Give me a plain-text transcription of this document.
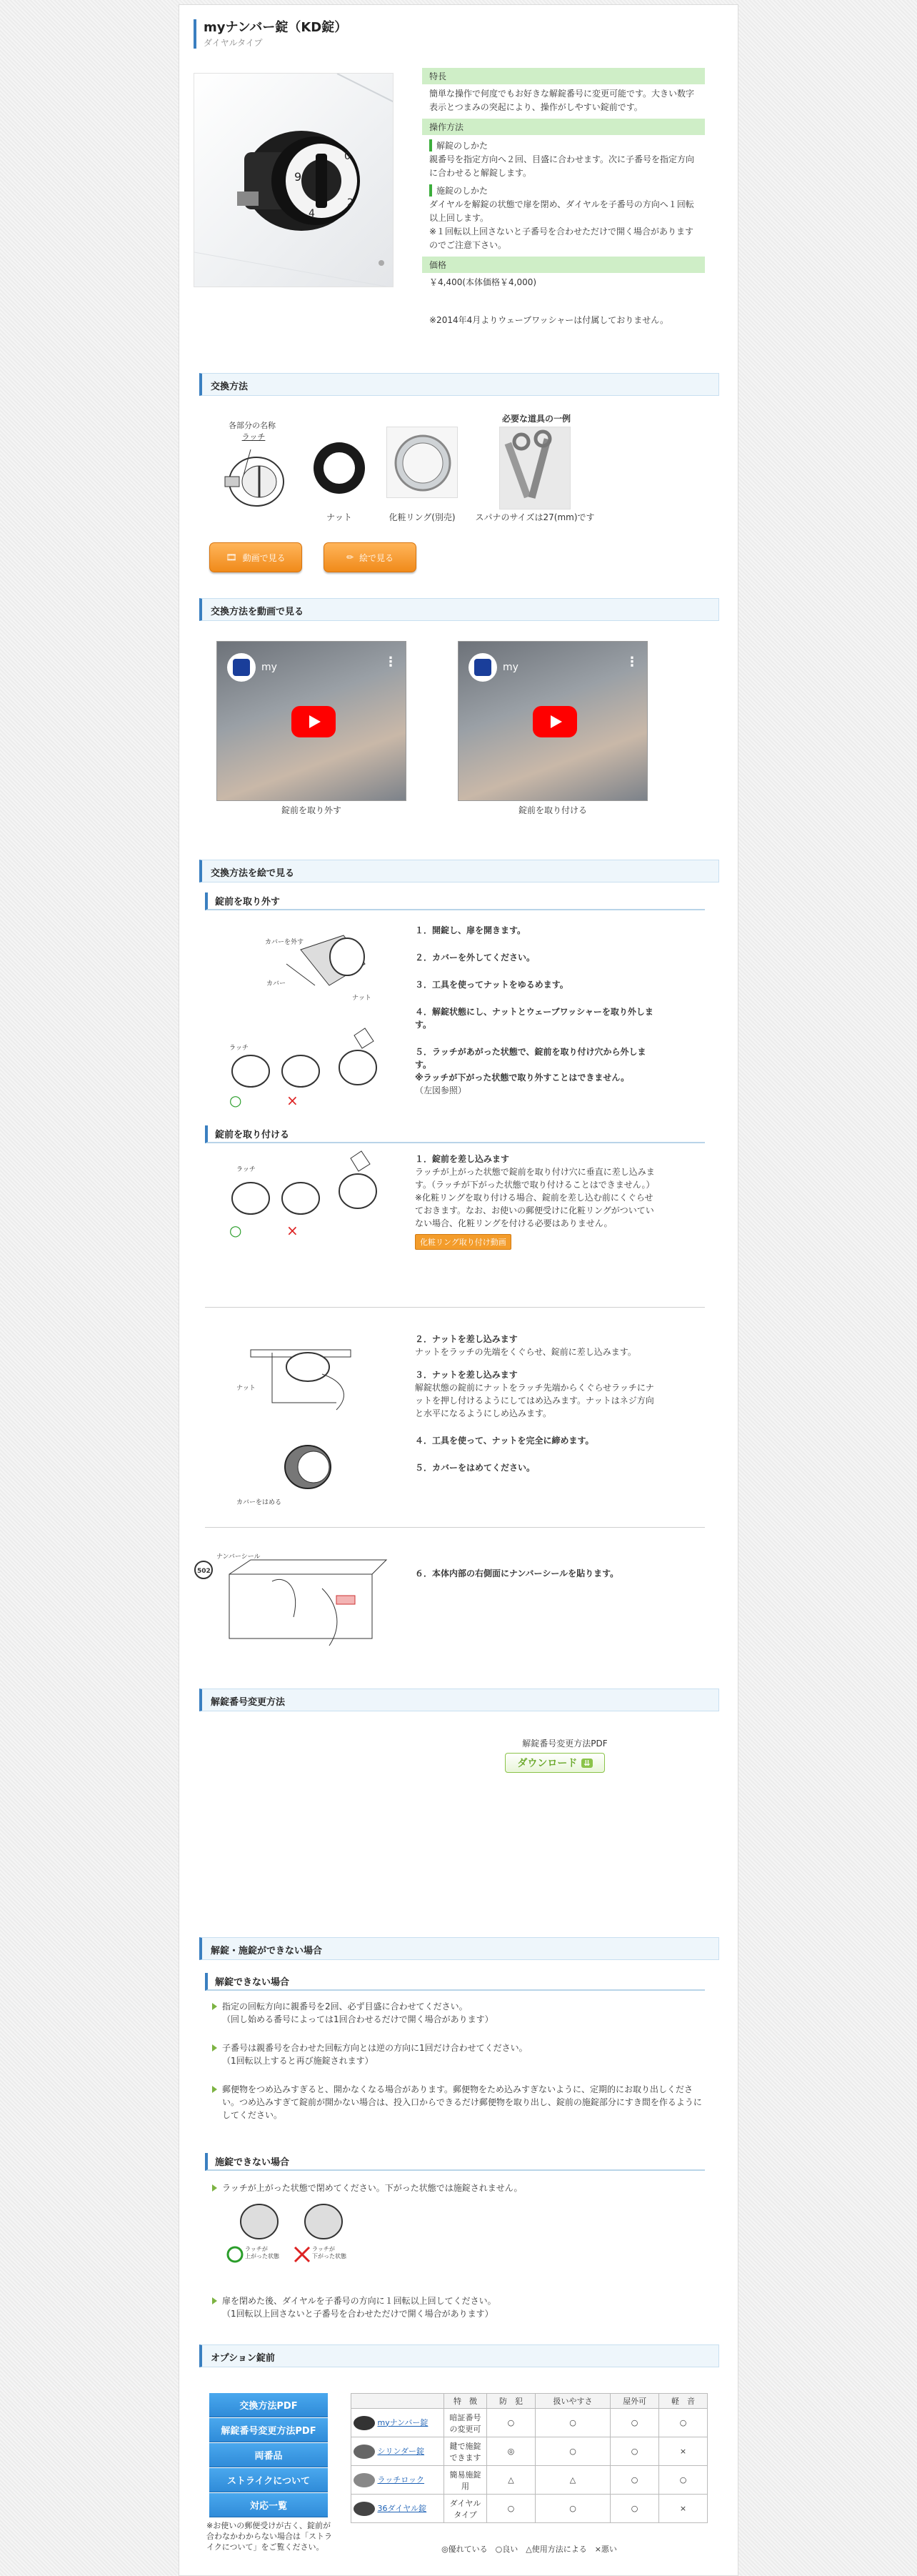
myナンバー錠（KD錠）
ダイヤルタイプ
9
0
2
4
特長
簡単な操作で何度でもお好きな解錠番号に変更可能です。大きい数字表示とつまみの突起により、操作がしやすい錠前です。
操作方法
解錠のしかた
親番号を指定方向へ２回、目盛に合わせます。次に子番号を指定方向に合わせると解錠します。
施錠のしかた
ダイヤルを解錠の状態で扉を閉め、ダイヤルを子番号の方向へ１回転以上回します。
※１回転以上回さないと子番号を合わせただけで開く場合がありますのでご注意下さい。
価格
￥4,400(本体価格￥4,000)
※2014年4月よりウェーブワッシャーは付属しておりません。
交換方法
各部分の名称
ラッチ
ナット	化粧リング(別売)
必要な道具の一例
スパナのサイズは27(mm)です
🎞 動画で見る	✏ 絵で見る
交換方法を動画で見る
my	⋮
錠前を取り外す
my	⋮
錠前を取り付ける
交換方法を絵で見る
錠前を取り外す
カバーを外す
カバー
ナット
ラッチ
○	×
１．開錠し、扉を開きます。
２．カバーを外してください。
３．工具を使ってナットをゆるめます。
４．解錠状態にし、ナットとウェーブワッシャーを取り外します。
５．ラッチがあがった状態で、錠前を取り付け穴から外します。
※ラッチが下がった状態で取り外すことはできません。
（左図参照）
錠前を取り付ける
ラッチ
○	×
１．錠前を差し込みます
ラッチが上がった状態で錠前を取り付け穴に垂直に差し込みます。（ラッチが下がった状態で取り付けることはできません。）
※化粧リングを取り付ける場合、錠前を差し込む前にくぐらせておきます。なお、お使いの郵便受けに化粧リングがついていない場合、化粧リングを付ける必要はありません。
化粧リング取り付け動画
ナット
カバーをはめる
２．ナットを差し込みます
ナットをラッチの先端をくぐらせ、錠前に差し込みます。
３．ナットを差し込みます
解錠状態の錠前にナットをラッチ先端からくぐらせラッチにナットを押し付けるようにしてはめ込みます。ナットはネジ方向と水平になるようにしめ込みます。
４．工具を使って、ナットを完全に締めます。
５．カバーをはめてください。
502
ナンバーシール
６．本体内部の右側面にナンバーシールを貼ります。
解錠番号変更方法
解錠番号変更方法PDF
ダウンロード ⇊
解錠・施錠ができない場合
解錠できない場合
指定の回転方向に親番号を2回、必ず目盛に合わせてください。
（回し始める番号によっては1回合わせるだけで開く場合があります）
子番号は親番号を合わせた回転方向とは逆の方向に1回だけ合わせてください。
（1回転以上すると再び施錠されます）
郵便物をつめ込みすぎると、開かなくなる場合があります。郵便物をため込みすぎないように、定期的にお取り出しください。つめ込みすぎて錠前が開かない場合は、投入口からできるだけ郵便物を取り出し、錠前の施錠部分にすき間を作るようにしてください。
施錠できない場合
ラッチが上がった状態で閉めてください。下がった状態では施錠されません。
ラッチが
上がった状態
ラッチが
下がった状態
扉を閉めた後、ダイヤルを子番号の方向に１回転以上回してください。
（1回転以上回さないと子番号を合わせただけで開く場合があります）
オプション錠前
交換方法PDF
解錠番号変更方法PDF
両番品
ストライクについて
対応一覧
※お使いの郵便受けが古く、錠前が合わなかわからない場合は「ストライクについて」をご覧ください。
	特　徴	防　犯	扱いやすさ	屋外可	軽　音
myナンバー錠	暗証番号の変更可	○	○	○	○
シリンダー錠	鍵で施錠できます	◎	○	○	×
ラッチロック	簡易施錠用	△	△	○	○
36ダイヤル錠	ダイヤルタイプ	○	○	○	×
◎優れている　○良い　△使用方法による　×悪い
